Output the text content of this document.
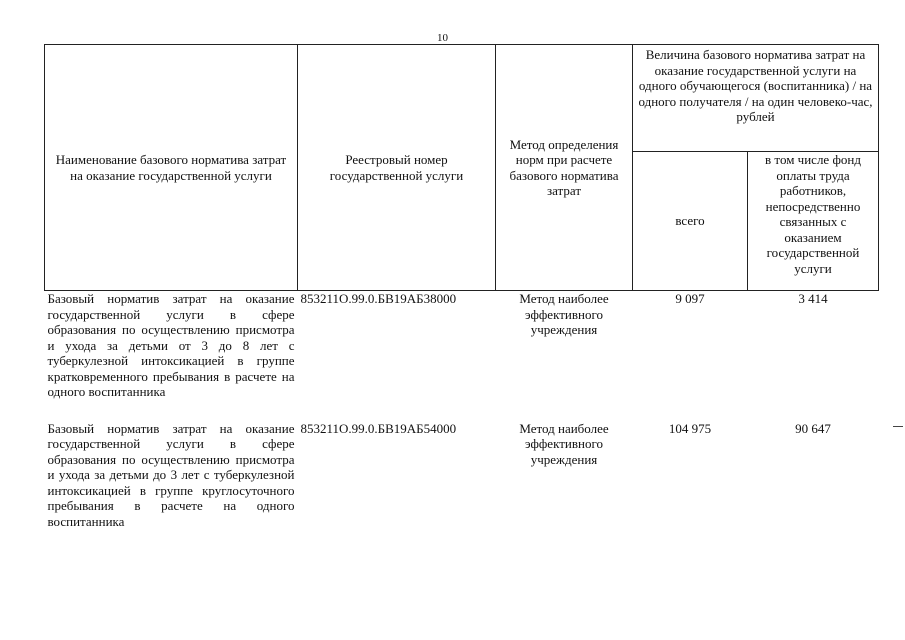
10
Наименование базового норматива затрат на оказание государственной услуги	Реестровый номер государственной услуги	Метод определения норм при расчете базового норматива затрат	Величина базового норматива затрат на оказание государственной услуги на одного обучающегося (воспитанника) / на одного получателя / на один человеко-час, рублей	
			всего	в том числе фонд оплаты труда работников, непосредственно связанных с оказанием государственной услуги
Базовый норматив затрат на оказание государственной услуги в сфере образования по осуществлению присмотра и ухода за детьми от 3 до 8 лет с туберкулезной интоксикацией в группе кратковременного пребывания в расчете на одного воспитанника	853211О.99.0.БВ19АБ38000	Метод наиболее эффективного учреждения	9 097	3 414

Базовый норматив затрат на оказание государственной услуги в сфере образования по осуществлению присмотра и ухода за детьми до 3 лет с туберкулезной интоксикацией в группе круглосуточного пребывания в расчете на одного воспитанника	853211О.99.0.БВ19АБ54000	Метод наиболее эффективного учреждения	104 975	90 647
